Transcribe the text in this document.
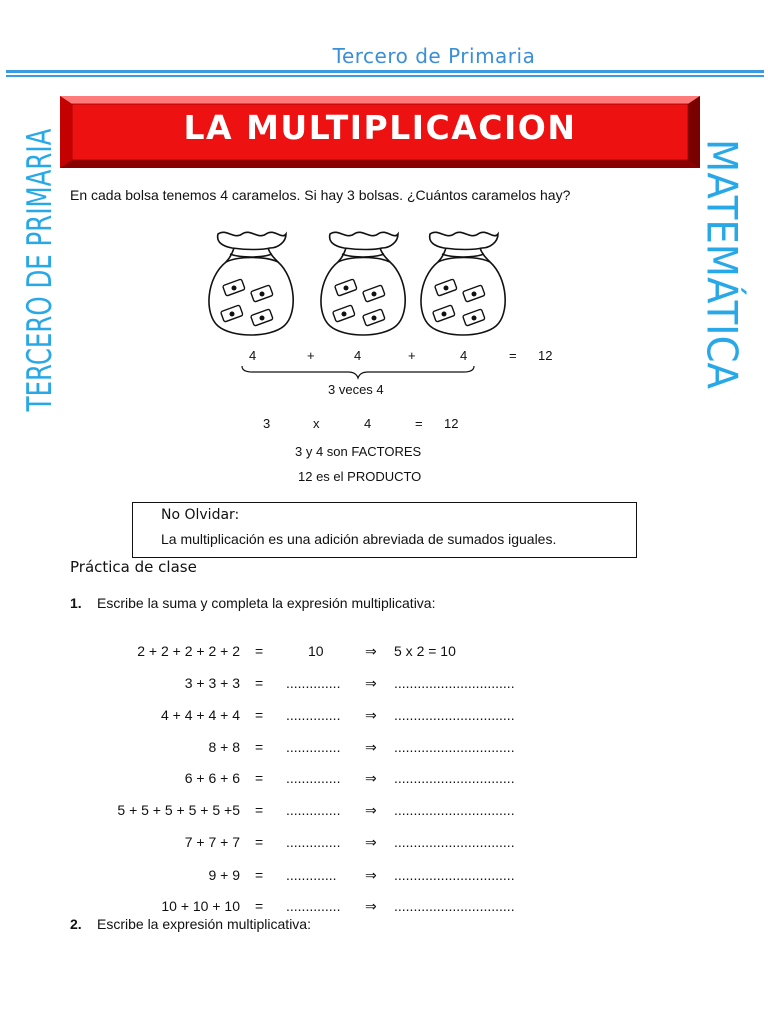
Tercero de Primaria
LA MULTIPLICACION
TERCERO DE PRIMARIA	MATEMÁTICA
En cada bolsa tenemos 4 caramelos. Si hay 3 bolsas. ¿Cuántos caramelos hay?
4	+	4	+	4	= 12
3 veces 4
3	x	4	= 12
3 y 4 son FACTORES
12 es el PRODUCTO
No Olvidar:
La multiplicación es una adición abreviada de sumados iguales.
Práctica de clase
1. Escribe la suma y completa la expresión multiplicativa:
2 + 2 + 2 + 2 + 2 =	10	⇒ 5 x 2 = 10
3 + 3 + 3 = .............. ⇒ ...............................
4 + 4 + 4 + 4 = .............. ⇒ ...............................
8 + 8 = .............. ⇒ ...............................
6 + 6 + 6 = .............. ⇒ ...............................
5 + 5 + 5 + 5 + 5 +5 = .............. ⇒ ...............................
7 + 7 + 7 = .............. ⇒ ...............................
9 + 9 = ............. ⇒ ...............................
10 + 10 + 10 = .............. ⇒ ...............................
2. Escribe la expresión multiplicativa:
